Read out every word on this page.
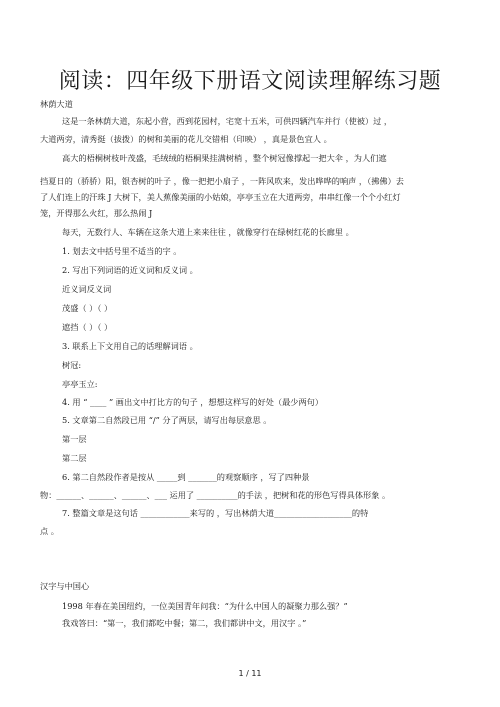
阅读：四年级下册语文阅读理解练习题
林荫大道
这是一条林荫大道，东起小营，西到花园村，宅宽十五米，可供四辆汽车并行（使被）过 ，
大道两旁，清秀挺（拔拨）的树和美丽的花儿交错相（印映） ，真是景色宜人 。
高大的梧桐树枝叶茂盛，毛绒绒的梧桐果挂满树梢 ，整个树冠像撑起一把大伞 ，为人们遮
挡夏日的（骄骄）阳，银杏树的叶子 ，像一把把小扇子 ，一阵风吹来，发出哗哗的响声 ，（拂佛）去
了人们连上的汗珠 J 大树下，美人蕉像美丽的小姑娘，亭亭玉立在大道两旁，串串红像一个个小红灯
笼，开得那么火红，那么热闹 J
每天，无数行人、车辆在这条大道上来来往往 ，就像穿行在绿树红花的长廊里 。
1. 划去文中括号里不适当的字 。
2. 写出下列词语的近义词和反义词 。
近义词反义词
茂盛（ ）（ ）
遮挡（ ）（ ）
3. 联系上下文用自己的话理解词语 。
树冠:
亭亭玉立:
4. 用 “ ____ ” 画出文中打比方的句子 ，想想这样写的好处（最少两句）
5. 文章第二自然段已用 “/” 分了两层，请写出每层意思 。
第一层
第二层
6. 第二自然段作者是按从 _____到 _______的观察顺序 ，写了四种景
物：______、______、______、___ 运用了 __________的手法 ，把树和花的形色写得具体形象 。
7. 整篇文章是这句话 ____________来写的 ，写出林荫大道___________________的特
点 。
汉字与中国心
1998 年春在美国纽约，一位美国青年问我：“为什么中国人的凝聚力那么强？”
我戏答曰：“第一，我们都吃中餐；第二，我们都讲中文，用汉字 。”
1 / 11
